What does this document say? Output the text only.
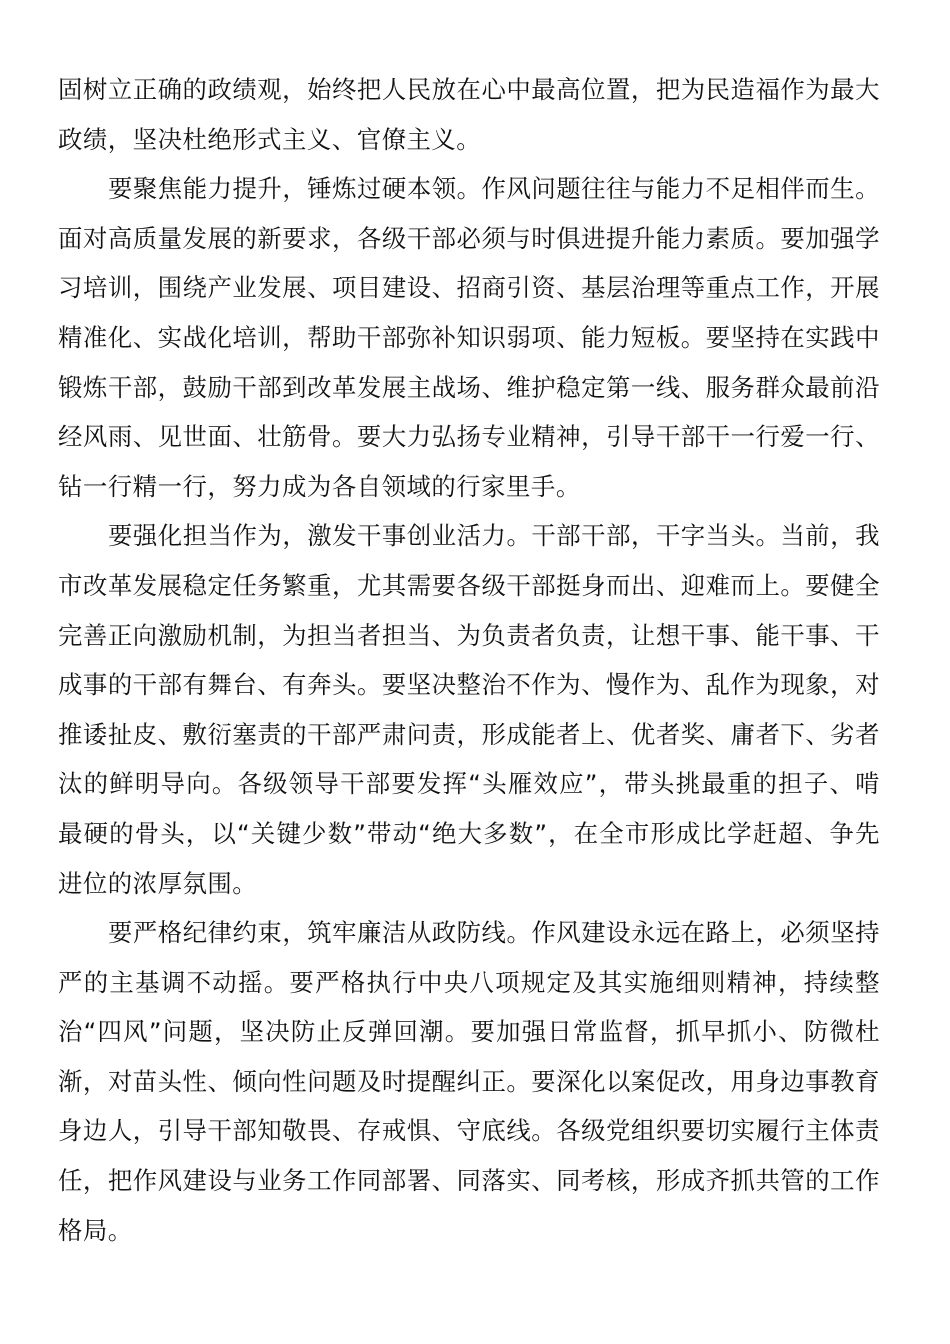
固树立正确的政绩观，始终把人民放在心中最高位置，把为民造福作为最大政绩，坚决杜绝形式主义、官僚主义。

要聚焦能力提升，锤炼过硬本领。作风问题往往与能力不足相伴而生。面对高质量发展的新要求，各级干部必须与时俱进提升能力素质。要加强学习培训，围绕产业发展、项目建设、招商引资、基层治理等重点工作，开展精准化、实战化培训，帮助干部弥补知识弱项、能力短板。要坚持在实践中锻炼干部，鼓励干部到改革发展主战场、维护稳定第一线、服务群众最前沿经风雨、见世面、壮筋骨。要大力弘扬专业精神，引导干部干一行爱一行、钻一行精一行，努力成为各自领域的行家里手。

要强化担当作为，激发干事创业活力。干部干部，干字当头。当前，我市改革发展稳定任务繁重，尤其需要各级干部挺身而出、迎难而上。要健全完善正向激励机制，为担当者担当、为负责者负责，让想干事、能干事、干成事的干部有舞台、有奔头。要坚决整治不作为、慢作为、乱作为现象，对推诿扯皮、敷衍塞责的干部严肃问责，形成能者上、优者奖、庸者下、劣者汰的鲜明导向。各级领导干部要发挥“头雁效应”，带头挑最重的担子、啃最硬的骨头，以“关键少数”带动“绝大多数”，在全市形成比学赶超、争先进位的浓厚氛围。

要严格纪律约束，筑牢廉洁从政防线。作风建设永远在路上，必须坚持严的主基调不动摇。要严格执行中央八项规定及其实施细则精神，持续整治“四风”问题，坚决防止反弹回潮。要加强日常监督，抓早抓小、防微杜渐，对苗头性、倾向性问题及时提醒纠正。要深化以案促改，用身边事教育身边人，引导干部知敬畏、存戒惧、守底线。各级党组织要切实履行主体责任，把作风建设与业务工作同部署、同落实、同考核，形成齐抓共管的工作格局。
